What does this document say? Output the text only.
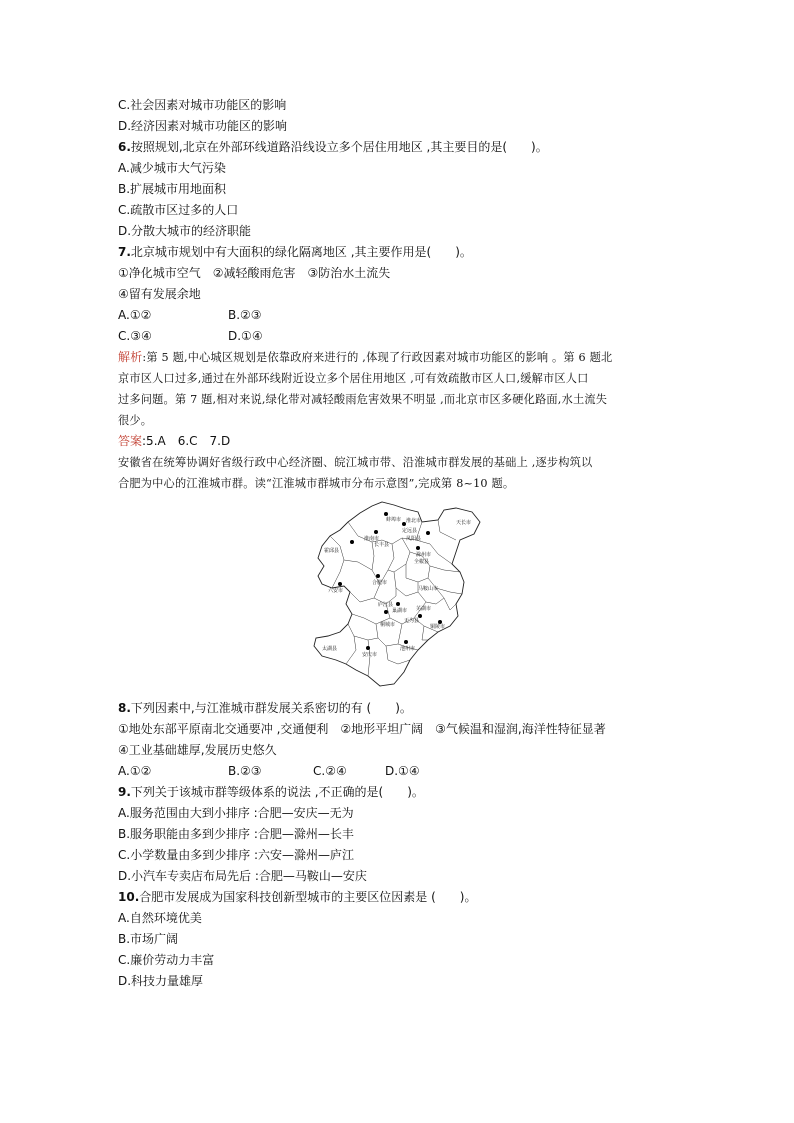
C.社会因素对城市功能区的影响
D.经济因素对城市功能区的影响
6.按照规划,北京在外部环线道路沿线设立多个居住用地区 ,其主要目的是(　　)。
A.减少城市大气污染
B.扩展城市用地面积
C.疏散市区过多的人口
D.分散大城市的经济职能
7.北京城市规划中有大面积的绿化隔离地区 ,其主要作用是(　　)。
①净化城市空气　②减轻酸雨危害　③防治水土流失
④留有发展余地
A.①②	B.②③
C.③④	D.①④
解析:第 5 题,中心城区规划是依靠政府来进行的 ,体现了行政因素对城市功能区的影响 。第 6 题北
京市区人口过多,通过在外部环线附近设立多个居住用地区 ,可有效疏散市区人口,缓解市区人口
过多问题。第 7 题,相对来说,绿化带对减轻酸雨危害效果不明显 ,而北京市区多硬化路面,水土流失
很少。
答案:5.A　6.C　7.D
安徽省在统筹协调好省级行政中心经济圈、皖江城市带、沿淮城市群发展的基础上 ,逐步构筑以
合肥为中心的江淮城市群。读“江淮城市群城市分布示意图”,完成第 8~10 题。
蚌埠市 淮北市	天长市
淮南市
定远县
凤阳县
长丰县
滁州市
霍邱县
全椒县
六安市
合肥市
巢湖市
马鞍山市
庐江县
芜湖市
桐城市	铜陵市
太湖县
安庆市
池州市
无为县
8.下列因素中,与江淮城市群发展关系密切的有 (　　)。
①地处东部平原南北交通要冲 ,交通便利　②地形平坦广阔　③气候温和湿润,海洋性特征显著
④工业基础雄厚,发展历史悠久
A.①②	B.②③	C.②④	D.①④
9.下列关于该城市群等级体系的说法 ,不正确的是(　　)。
A.服务范围由大到小排序 :合肥—安庆—无为
B.服务职能由多到少排序 :合肥—滁州—长丰
C.小学数量由多到少排序 :六安—滁州—庐江
D.小汽车专卖店布局先后 :合肥—马鞍山—安庆
10.合肥市发展成为国家科技创新型城市的主要区位因素是 (　　)。
A.自然环境优美
B.市场广阔
C.廉价劳动力丰富
D.科技力量雄厚
